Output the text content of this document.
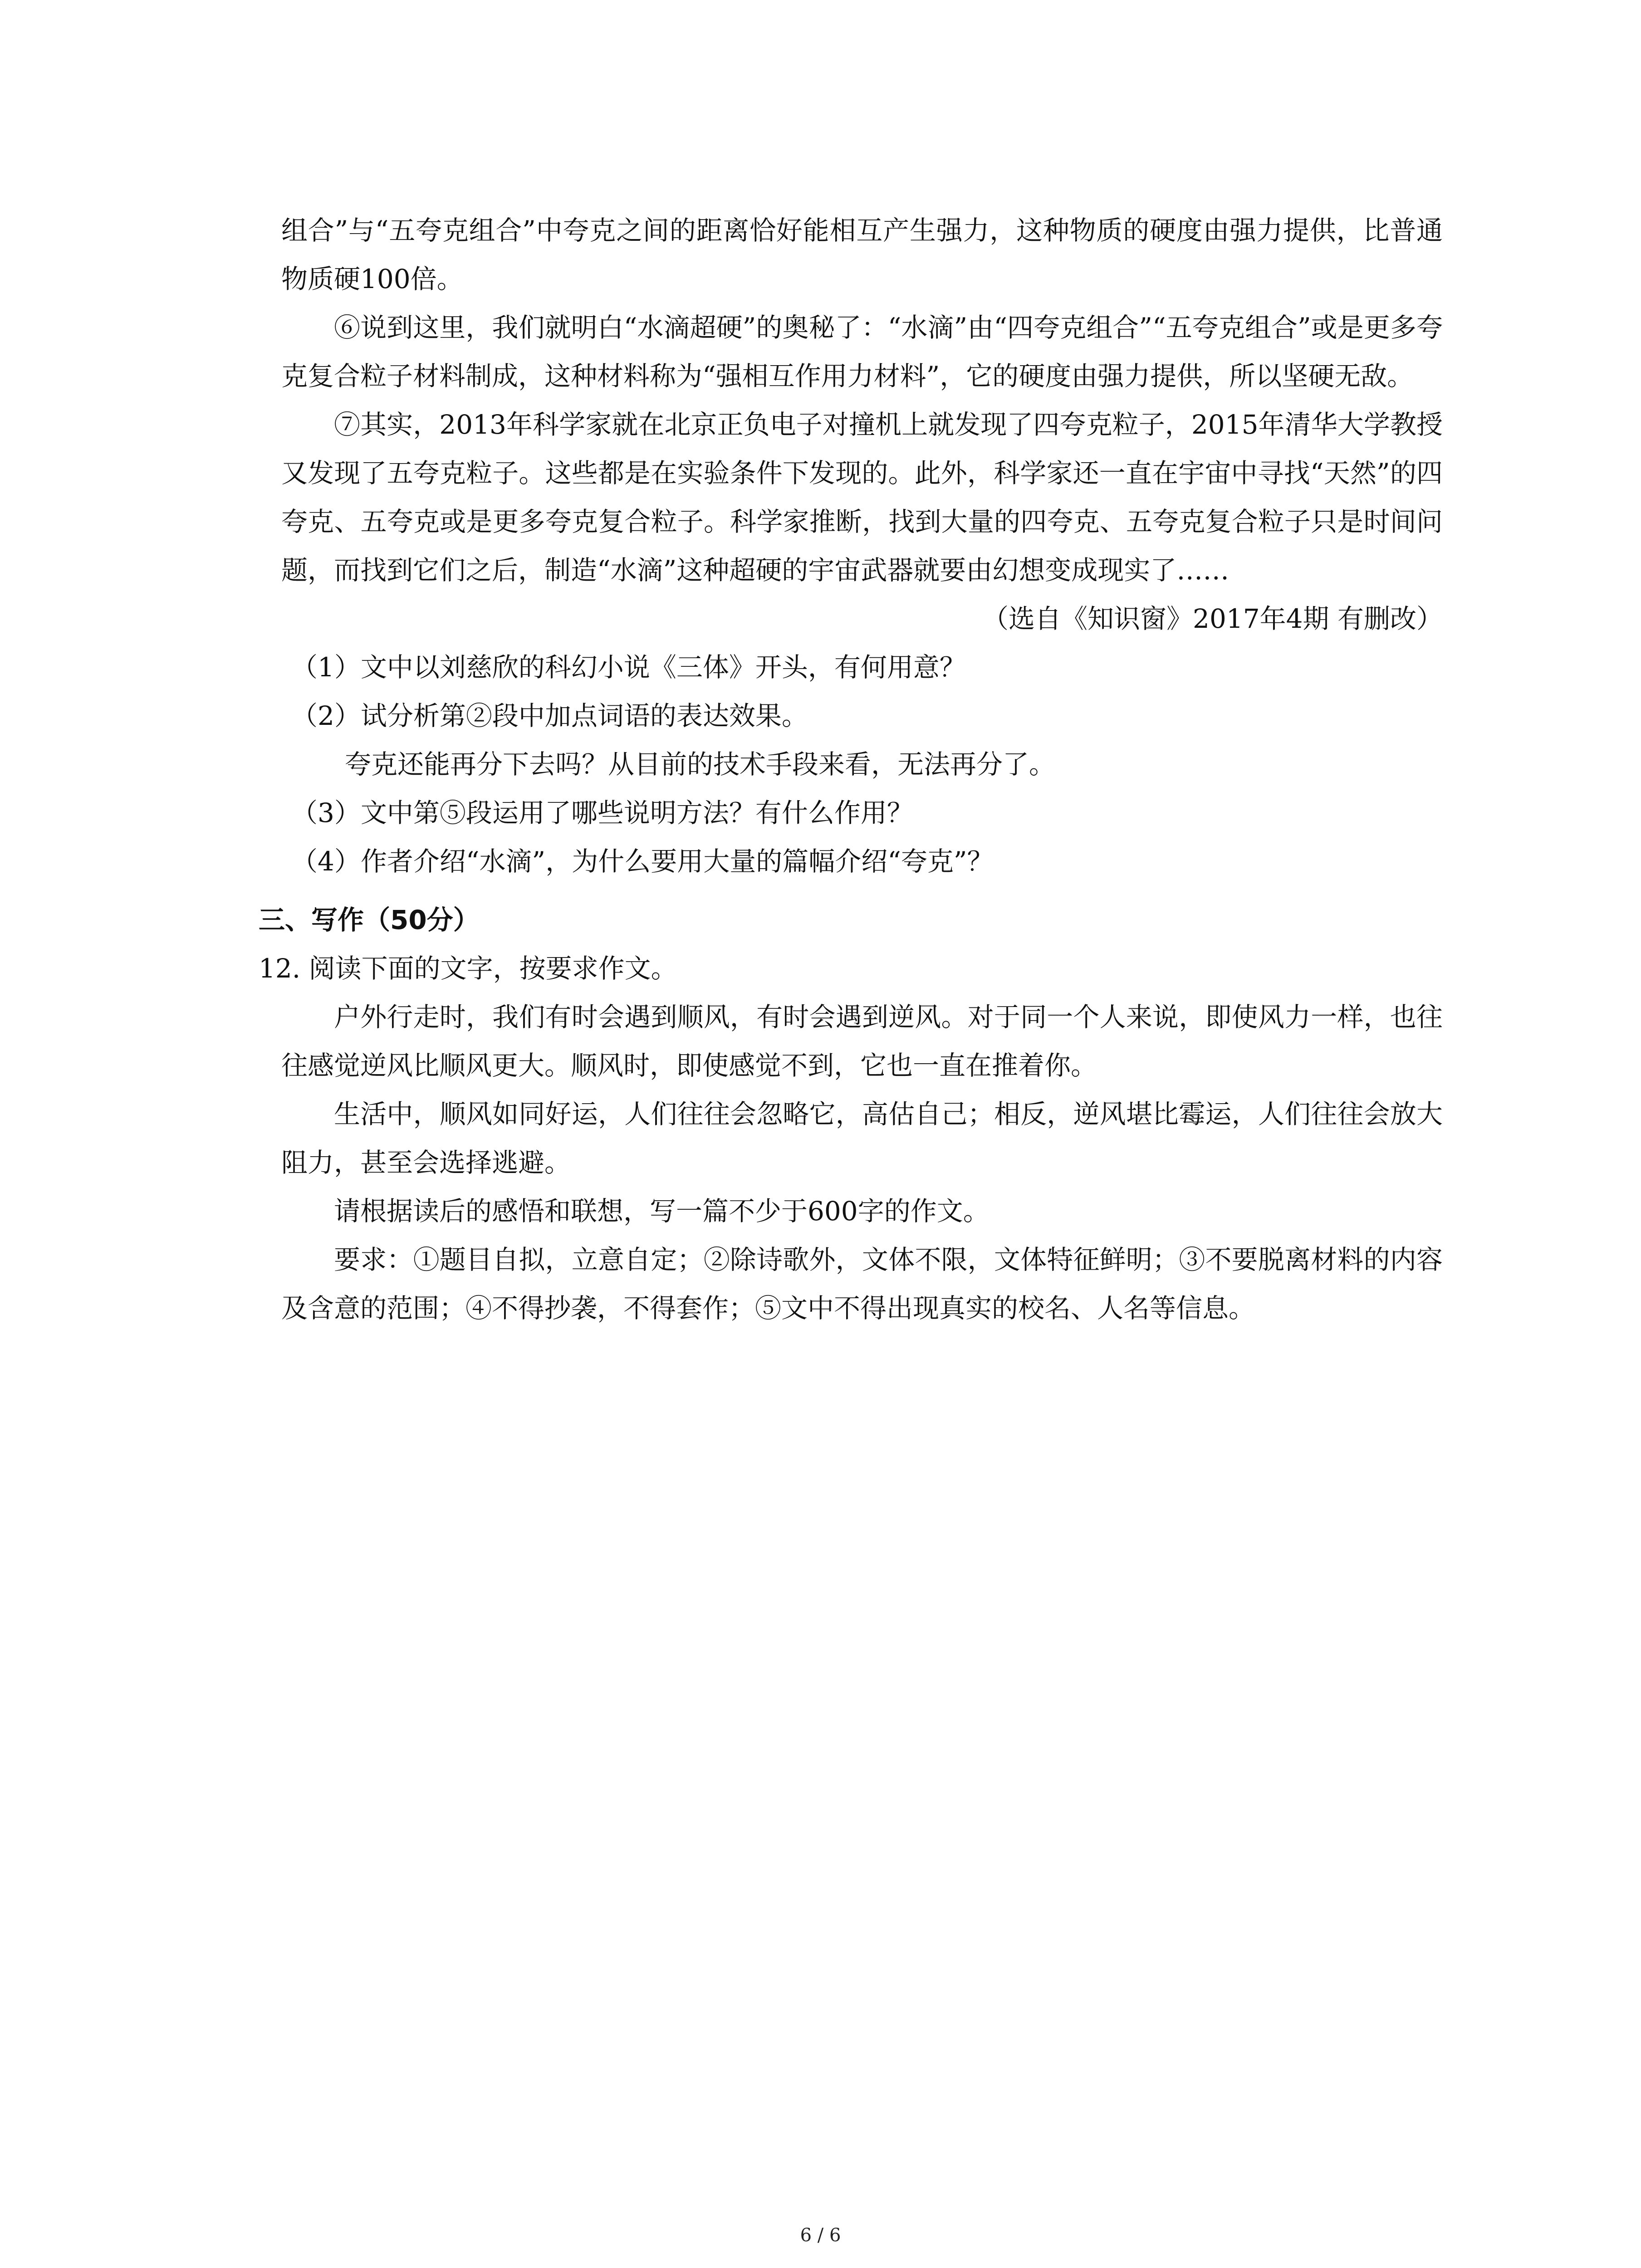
组合”与“五夸克组合”中夸克之间的距离恰好能相互产生强力，这种物质的硬度由强力提供，比普通物质硬100倍。

⑥说到这里，我们就明白“水滴超硬”的奥秘了：“水滴”由“四夸克组合”“五夸克组合”或是更多夸克复合粒子材料制成，这种材料称为“强相互作用力材料”，它的硬度由强力提供，所以坚硬无敌。

⑦其实，2013年科学家就在北京正负电子对撞机上就发现了四夸克粒子，2015年清华大学教授又发现了五夸克粒子。这些都是在实验条件下发现的。此外，科学家还一直在宇宙中寻找“天然”的四夸克、五夸克或是更多夸克复合粒子。科学家推断，找到大量的四夸克、五夸克复合粒子只是时间问题，而找到它们之后，制造“水滴”这种超硬的宇宙武器就要由幻想变成现实了……

（选自《知识窗》2017年4期 有删改）

（1）文中以刘慈欣的科幻小说《三体》开头，有何用意？

（2）试分析第②段中加点词语的表达效果。

夸克还能再分下去吗？从目前的技术手段来看，无法再分了。

（3）文中第⑤段运用了哪些说明方法？有什么作用？

（4）作者介绍“水滴”，为什么要用大量的篇幅介绍“夸克”？

三、写作（50分）

12. 阅读下面的文字，按要求作文。

户外行走时，我们有时会遇到顺风，有时会遇到逆风。对于同一个人来说，即使风力一样，也往往感觉逆风比顺风更大。顺风时，即使感觉不到，它也一直在推着你。

生活中，顺风如同好运，人们往往会忽略它，高估自己；相反，逆风堪比霉运，人们往往会放大阻力，甚至会选择逃避。

请根据读后的感悟和联想，写一篇不少于600字的作文。

要求：①题目自拟，立意自定；②除诗歌外，文体不限，文体特征鲜明；③不要脱离材料的内容及含意的范围；④不得抄袭，不得套作；⑤文中不得出现真实的校名、人名等信息。

6 / 6
